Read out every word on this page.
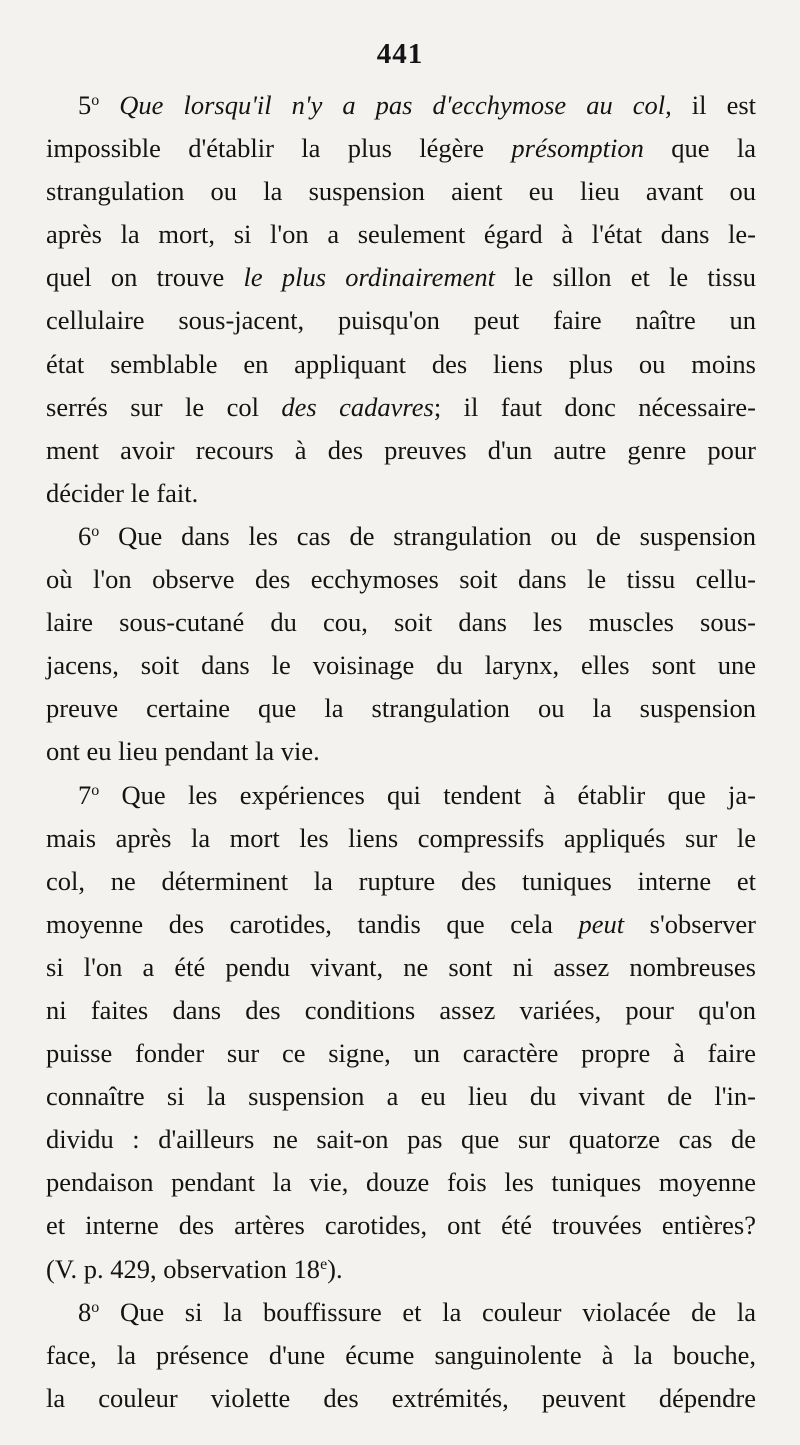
441
5$^o$ Que lorsqu'il n'y a pas d'ecchymose au col, il est
impossible d'établir la plus légère présomption que la
strangulation ou la suspension aient eu lieu avant ou
après la mort, si l'on a seulement égard à l'état dans le-
quel on trouve le plus ordinairement le sillon et le tissu
cellulaire sous-jacent, puisqu'on peut faire naître un
état semblable en appliquant des liens plus ou moins
serrés sur le col des cadavres; il faut donc nécessaire-
ment avoir recours à des preuves d'un autre genre pour
décider le fait.
6$^o$ Que dans les cas de strangulation ou de suspension
où l'on observe des ecchymoses soit dans le tissu cellu-
laire sous-cutané du cou, soit dans les muscles sous-
jacens, soit dans le voisinage du larynx, elles sont une
preuve certaine que la strangulation ou la suspension
ont eu lieu pendant la vie.
7$^o$ Que les expériences qui tendent à établir que ja-
mais après la mort les liens compressifs appliqués sur le
col, ne déterminent la rupture des tuniques interne et
moyenne des carotides, tandis que cela peut s'observer
si l'on a été pendu vivant, ne sont ni assez nombreuses
ni faites dans des conditions assez variées, pour qu'on
puisse fonder sur ce signe, un caractère propre à faire
connaître si la suspension a eu lieu du vivant de l'in-
dividu : d'ailleurs ne sait-on pas que sur quatorze cas de
pendaison pendant la vie, douze fois les tuniques moyenne
et interne des artères carotides, ont été trouvées entières?
(V. p. 429, observation 18e).
8$^o$ Que si la bouffissure et la couleur violacée de la
face, la présence d'une écume sanguinolente à la bouche,
la couleur violette des extrémités, peuvent dépendre
